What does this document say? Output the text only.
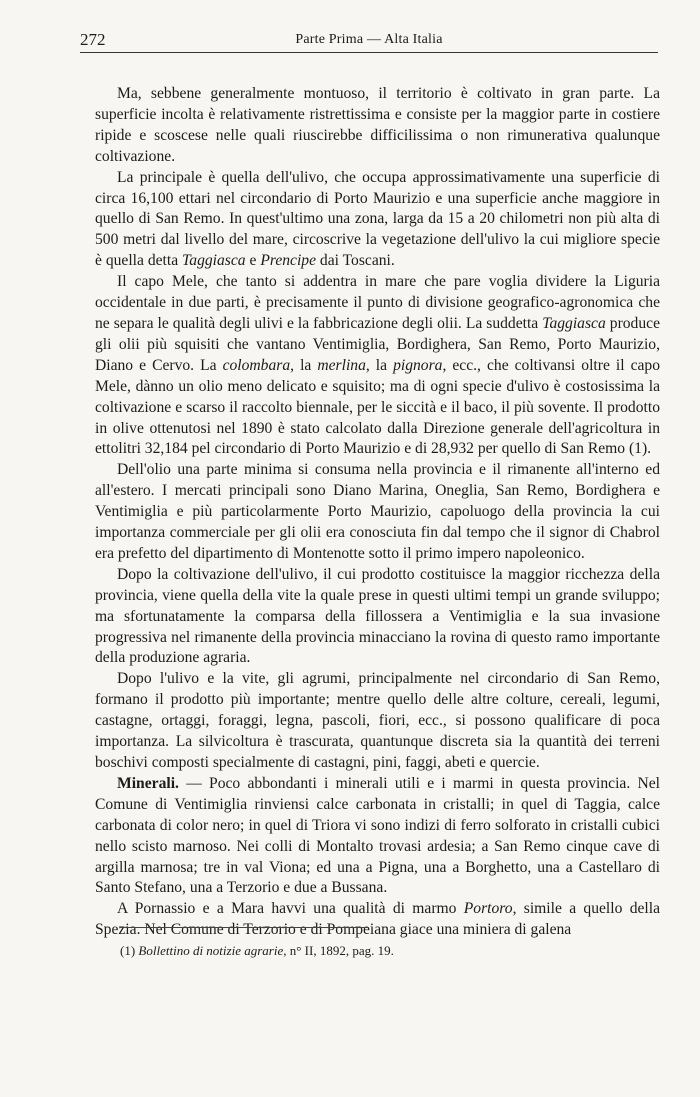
272	Parte Prima — Alta Italia

Ma, sebbene generalmente montuoso, il territorio è coltivato in gran parte. La superficie incolta è relativamente ristrettissima e consiste per la maggior parte in costiere ripide e scoscese nelle quali riuscirebbe difficilissima o non rimunerativa qualunque coltivazione.

La principale è quella dell'ulivo, che occupa approssimativamente una superficie di circa 16,100 ettari nel circondario di Porto Maurizio e una superficie anche maggiore in quello di San Remo. In quest'ultimo una zona, larga da 15 a 20 chilometri non più alta di 500 metri dal livello del mare, circoscrive la vegetazione dell'ulivo la cui migliore specie è quella detta Taggiasca e Prencipe dai Toscani.

Il capo Mele, che tanto si addentra in mare che pare voglia dividere la Liguria occidentale in due parti, è precisamente il punto di divisione geografico-agronomica che ne separa le qualità degli ulivi e la fabbricazione degli olii. La suddetta Taggiasca produce gli olii più squisiti che vantano Ventimiglia, Bordighera, San Remo, Porto Maurizio, Diano e Cervo. La colombara, la merlina, la pignora, ecc., che coltivansi oltre il capo Mele, dànno un olio meno delicato e squisito; ma di ogni specie d'ulivo è costosissima la coltivazione e scarso il raccolto biennale, per le siccità e il baco, il più sovente. Il prodotto in olive ottenutosi nel 1890 è stato calcolato dalla Direzione generale dell'agricoltura in ettolitri 32,184 pel circondario di Porto Maurizio e di 28,932 per quello di San Remo (1).

Dell'olio una parte minima si consuma nella provincia e il rimanente all'interno ed all'estero. I mercati principali sono Diano Marina, Oneglia, San Remo, Bordighera e Ventimiglia e più particolarmente Porto Maurizio, capoluogo della provincia la cui importanza commerciale per gli olii era conosciuta fin dal tempo che il signor di Chabrol era prefetto del dipartimento di Montenotte sotto il primo impero napoleonico.

Dopo la coltivazione dell'ulivo, il cui prodotto costituisce la maggior ricchezza della provincia, viene quella della vite la quale prese in questi ultimi tempi un grande sviluppo; ma sfortunatamente la comparsa della fillossera a Ventimiglia e la sua invasione progressiva nel rimanente della provincia minacciano la rovina di questo ramo importante della produzione agraria.

Dopo l'ulivo e la vite, gli agrumi, principalmente nel circondario di San Remo, formano il prodotto più importante; mentre quello delle altre colture, cereali, legumi, castagne, ortaggi, foraggi, legna, pascoli, fiori, ecc., si possono qualificare di poca importanza. La silvicoltura è trascurata, quantunque discreta sia la quantità dei terreni boschivi composti specialmente di castagni, pini, faggi, abeti e quercie.

Minerali. — Poco abbondanti i minerali utili e i marmi in questa provincia. Nel Comune di Ventimiglia rinviensi calce carbonata in cristalli; in quel di Taggia, calce carbonata di color nero; in quel di Triora vi sono indizi di ferro solforato in cristalli cubici nello scisto marnoso. Nei colli di Montalto trovasi ardesia; a San Remo cinque cave di argilla marnosa; tre in val Viona; ed una a Pigna, una a Borghetto, una a Castellaro di Santo Stefano, una a Terzorio e due a Bussana.

A Pornassio e a Mara havvi una qualità di marmo Portoro, simile a quello della Spezia. Nel Comune di Terzorio e di Pompeiana giace una miniera di galena

(1) Bollettino di notizie agrarie, n° II, 1892, pag. 19.
